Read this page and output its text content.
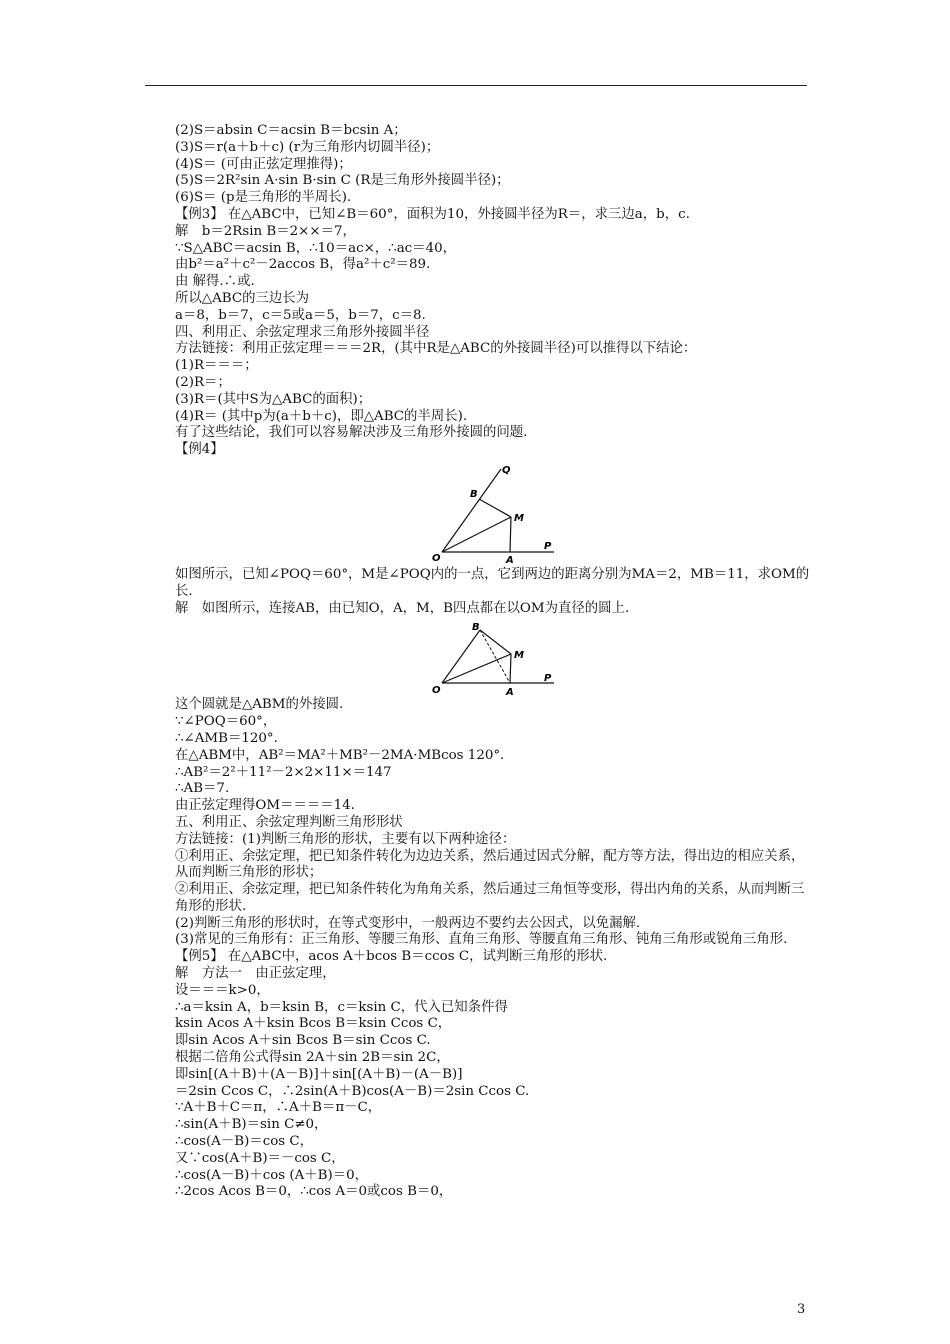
(2)S＝absin C＝acsin B＝bcsin A；

(3)S＝r(a＋b＋c) (r为三角形内切圆半径)；

(4)S＝ (可由正弦定理推得)；

(5)S＝2R²sin A·sin B·sin C (R是三角形外接圆半径)；

(6)S＝ (p是三角形的半周长).

【例3】 在△ABC中，已知∠B＝60°，面积为10，外接圆半径为R＝，求三边a，b，c.

解　b＝2Rsin B＝2××＝7，

∵S△ABC＝acsin B，∴10＝ac×，∴ac＝40，

由b²＝a²＋c²－2accos B，得a²＋c²＝89.

由 解得.∴或.

所以△ABC的三边长为

a＝8，b＝7，c＝5或a＝5，b＝7，c＝8.

四、利用正、余弦定理求三角形外接圆半径

方法链接：利用正弦定理＝＝＝2R，(其中R是△ABC的外接圆半径)可以推得以下结论：

(1)R＝＝＝；

(2)R＝；

(3)R＝(其中S为△ABC的面积)；

(4)R＝ (其中p为(a＋b＋c)，即△ABC的半周长).

有了这些结论，我们可以容易解决涉及三角形外接圆的问题.

【例4】

Q
B
M
O	A
P

如图所示，已知∠POQ＝60°，M是∠POQ内的一点，它到两边的距离分别为MA＝2，MB＝11，求OM的长.

解　如图所示，连接AB，由已知O，A，M，B四点都在以OM为直径的圆上.

B
M
O	A
P

这个圆就是△ABM的外接圆.

∵∠POQ＝60°，

∴∠AMB＝120°.

在△ABM中，AB²＝MA²＋MB²－2MA·MBcos 120°.

∴AB²＝2²＋11²－2×2×11×＝147

∴AB＝7.

由正弦定理得OM＝＝＝＝14.

五、利用正、余弦定理判断三角形形状

方法链接：(1)判断三角形的形状，主要有以下两种途径：

①利用正、余弦定理，把已知条件转化为边边关系，然后通过因式分解，配方等方法，得出边的相应关系，从而判断三角形的形状；

②利用正、余弦定理，把已知条件转化为角角关系，然后通过三角恒等变形，得出内角的关系，从而判断三角形的形状.

(2)判断三角形的形状时，在等式变形中，一般两边不要约去公因式，以免漏解.

(3)常见的三角形有：正三角形、等腰三角形、直角三角形、等腰直角三角形、钝角三角形或锐角三角形.

【例5】 在△ABC中，acos A＋bcos B＝ccos C，试判断三角形的形状.

解　方法一　由正弦定理，

设＝＝＝k>0，

∴a＝ksin A，b＝ksin B，c＝ksin C，代入已知条件得

ksin Acos A＋ksin Bcos B＝ksin Ccos C，

即sin Acos A＋sin Bcos B＝sin Ccos C.

根据二倍角公式得sin 2A＋sin 2B＝sin 2C，

即sin[(A＋B)＋(A－B)]＋sin[(A＋B)－(A－B)]

＝2sin Ccos C，∴2sin(A＋B)cos(A－B)＝2sin Ccos C.

∵A＋B＋C＝π，∴A＋B＝π－C，

∴sin(A＋B)＝sin C≠0，

∴cos(A－B)＝cos C，

又∵cos(A＋B)＝－cos C，

∴cos(A－B)＋cos (A＋B)＝0，

∴2cos Acos B＝0，∴cos A＝0或cos B＝0，

3
